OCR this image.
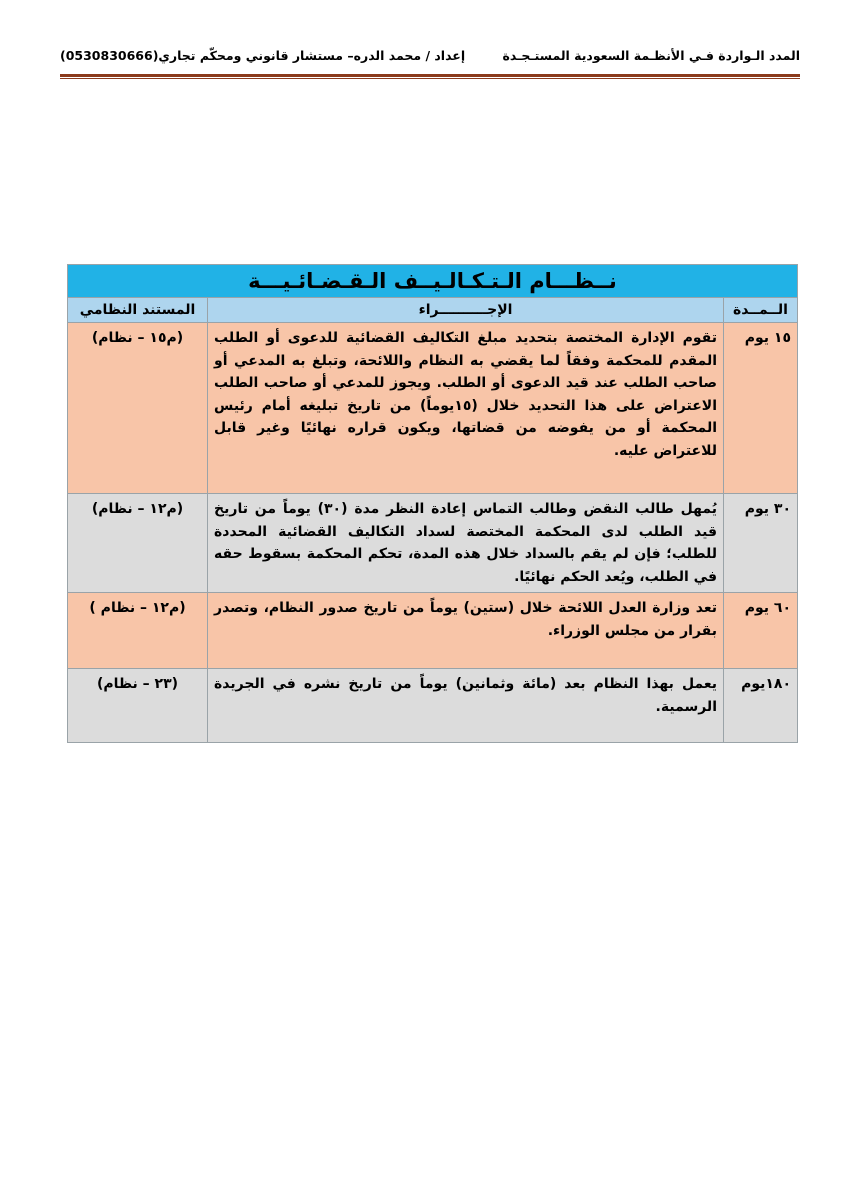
المدد الـواردة فـي الأنظـمة السعودية المستـجـدة
إعداد / محمد الدره– مستشار قانوني ومحكّم تجاري(0530830666)
نــظـــام الـتـكـالـيــف الـقـضـائـيـــة		
الــمــدة	الإجــــــــــراء	المستند النظامي
١٥ يوم	تقوم الإدارة المختصة بتحديد مبلغ التكاليف القضائية للدعوى أو الطلب المقدم للمحكمة وفقاً لما يقضي به النظام واللائحة، وتبلغ به المدعي أو صاحب الطلب عند قيد الدعوى أو الطلب. ويجوز للمدعي أو صاحب الطلب الاعتراض على هذا التحديد خلال (١٥يوماً) من تاريخ تبليغه أمام رئيس المحكمة أو من يفوضه من قضاتها، ويكون قراره نهائيًا وغير قابل للاعتراض عليه.	(م١٥ – نظام)
٣٠ يوم	يُمهل طالب النقض وطالب التماس إعادة النظر مدة (٣٠) يوماً من تاريخ قيد الطلب لدى المحكمة المختصة لسداد التكاليف القضائية المحددة للطلب؛ فإن لم يقم بالسداد خلال هذه المدة، تحكم المحكمة بسقوط حقه في الطلب، ويُعد الحكم نهائيًا.	(م١٢ – نظام)
٦٠ يوم	تعد وزارة العدل اللائحة خلال (ستين) يوماً من تاريخ صدور النظام، وتصدر بقرار من مجلس الوزراء.	(م١٢ – نظام )
١٨٠يوم	يعمل بهذا النظام بعد (مائة وثمانين) يوماً من تاريخ نشره في الجريدة الرسمية.	(٢٣ – نظام)
